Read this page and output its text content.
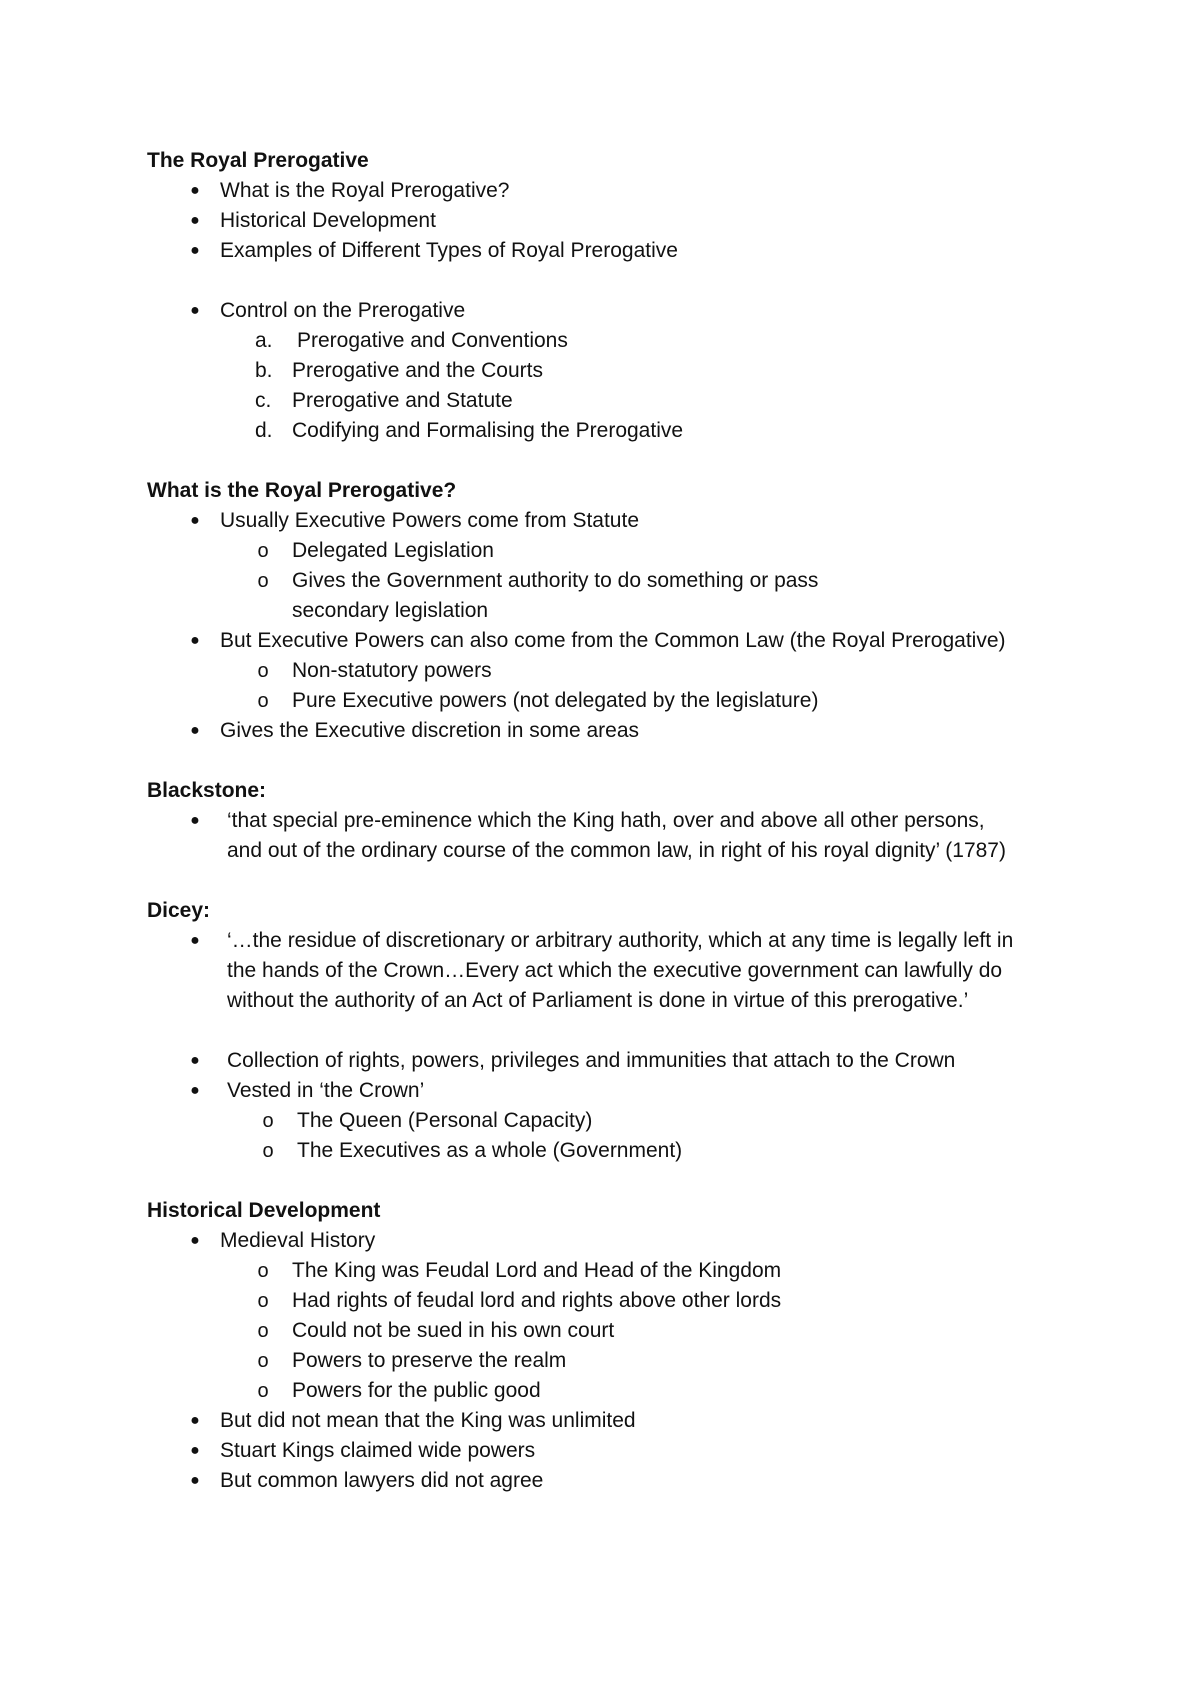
The Royal Prerogative
● What is the Royal Prerogative?
● Historical Development
● Examples of Different Types of Royal Prerogative
● Control on the Prerogative
a.	Prerogative and Conventions
b. Prerogative and the Courts
c. Prerogative and Statute
d. Codifying and Formalising the Prerogative
What is the Royal Prerogative?
● Usually Executive Powers come from Statute
o	Delegated Legislation
o	Gives the Government authority to do something or pass secondary legislation
● But Executive Powers can also come from the Common Law (the Royal Prerogative)
o	Non-statutory powers
o	Pure Executive powers (not delegated by the legislature)
● Gives the Executive discretion in some areas
Blackstone:
●	‘that special pre-eminence which the King hath, over and above all other persons, and out of the ordinary course of the common law, in right of his royal dignity’ (1787)
Dicey:
●	‘…the residue of discretionary or arbitrary authority, which at any time is legally left in the hands of the Crown…Every act which the executive government can lawfully do without the authority of an Act of Parliament is done in virtue of this prerogative.’
●	Collection of rights, powers, privileges and immunities that attach to the Crown
●	Vested in ‘the Crown’
o	The Queen (Personal Capacity)
o	The Executives as a whole (Government)
Historical Development
● Medieval History
o	The King was Feudal Lord and Head of the Kingdom
o	Had rights of feudal lord and rights above other lords
o	Could not be sued in his own court
o	Powers to preserve the realm
o	Powers for the public good
● But did not mean that the King was unlimited
● Stuart Kings claimed wide powers
● But common lawyers did not agree
